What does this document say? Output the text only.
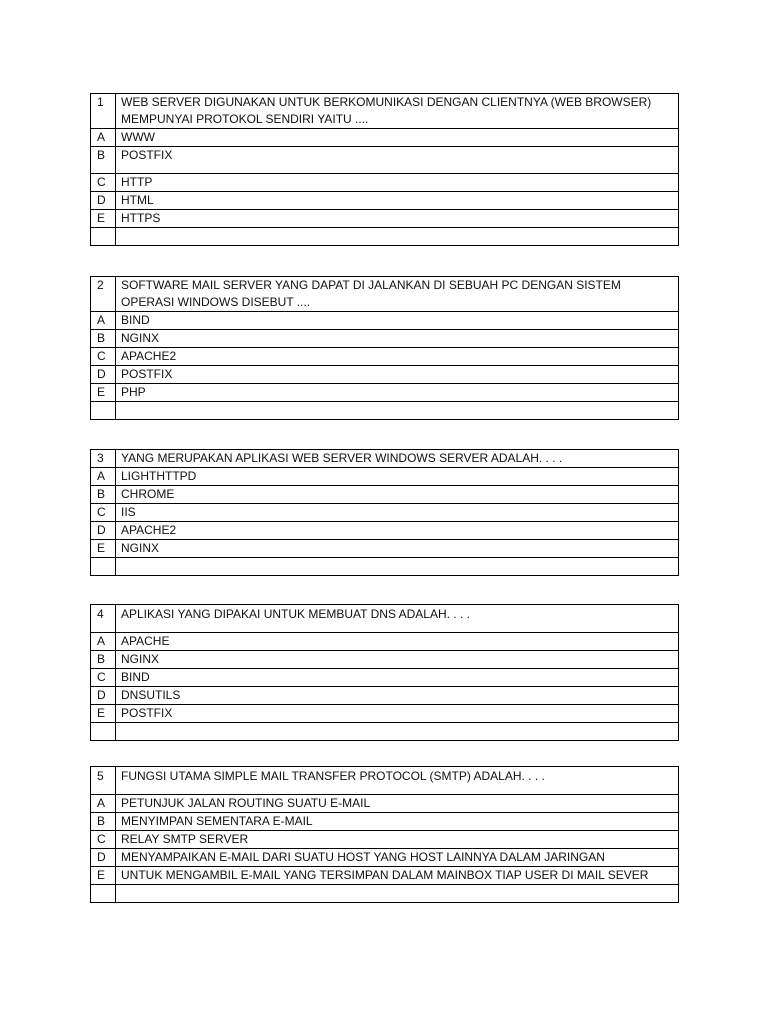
1	WEB SERVER DIGUNAKAN UNTUK BERKOMUNIKASI DENGAN CLIENTNYA (WEB BROWSER) MEMPUNYAI PROTOKOL SENDIRI YAITU ....
A	WWW
B	POSTFIX
C	HTTP
D	HTML
E	HTTPS

2	SOFTWARE MAIL SERVER YANG DAPAT DI JALANKAN DI SEBUAH PC DENGAN SISTEM OPERASI WINDOWS DISEBUT ....
A	BIND
B	NGINX
C	APACHE2
D	POSTFIX
E	PHP

3	YANG MERUPAKAN APLIKASI WEB SERVER WINDOWS SERVER ADALAH. . . .
A	LIGHTHTTPD
B	CHROME
C	IIS
D	APACHE2
E	NGINX

4	APLIKASI YANG DIPAKAI UNTUK MEMBUAT DNS ADALAH. . . .
A	APACHE
B	NGINX
C	BIND
D	DNSUTILS
E	POSTFIX

5	FUNGSI UTAMA SIMPLE MAIL TRANSFER PROTOCOL (SMTP) ADALAH. . . .
A	PETUNJUK JALAN ROUTING SUATU E-MAIL
B	MENYIMPAN SEMENTARA E-MAIL
C	RELAY SMTP SERVER
D	MENYAMPAIKAN E-MAIL DARI SUATU HOST YANG HOST LAINNYA DALAM JARINGAN
E	UNTUK MENGAMBIL E-MAIL YANG TERSIMPAN DALAM MAINBOX TIAP USER DI MAIL SEVER
